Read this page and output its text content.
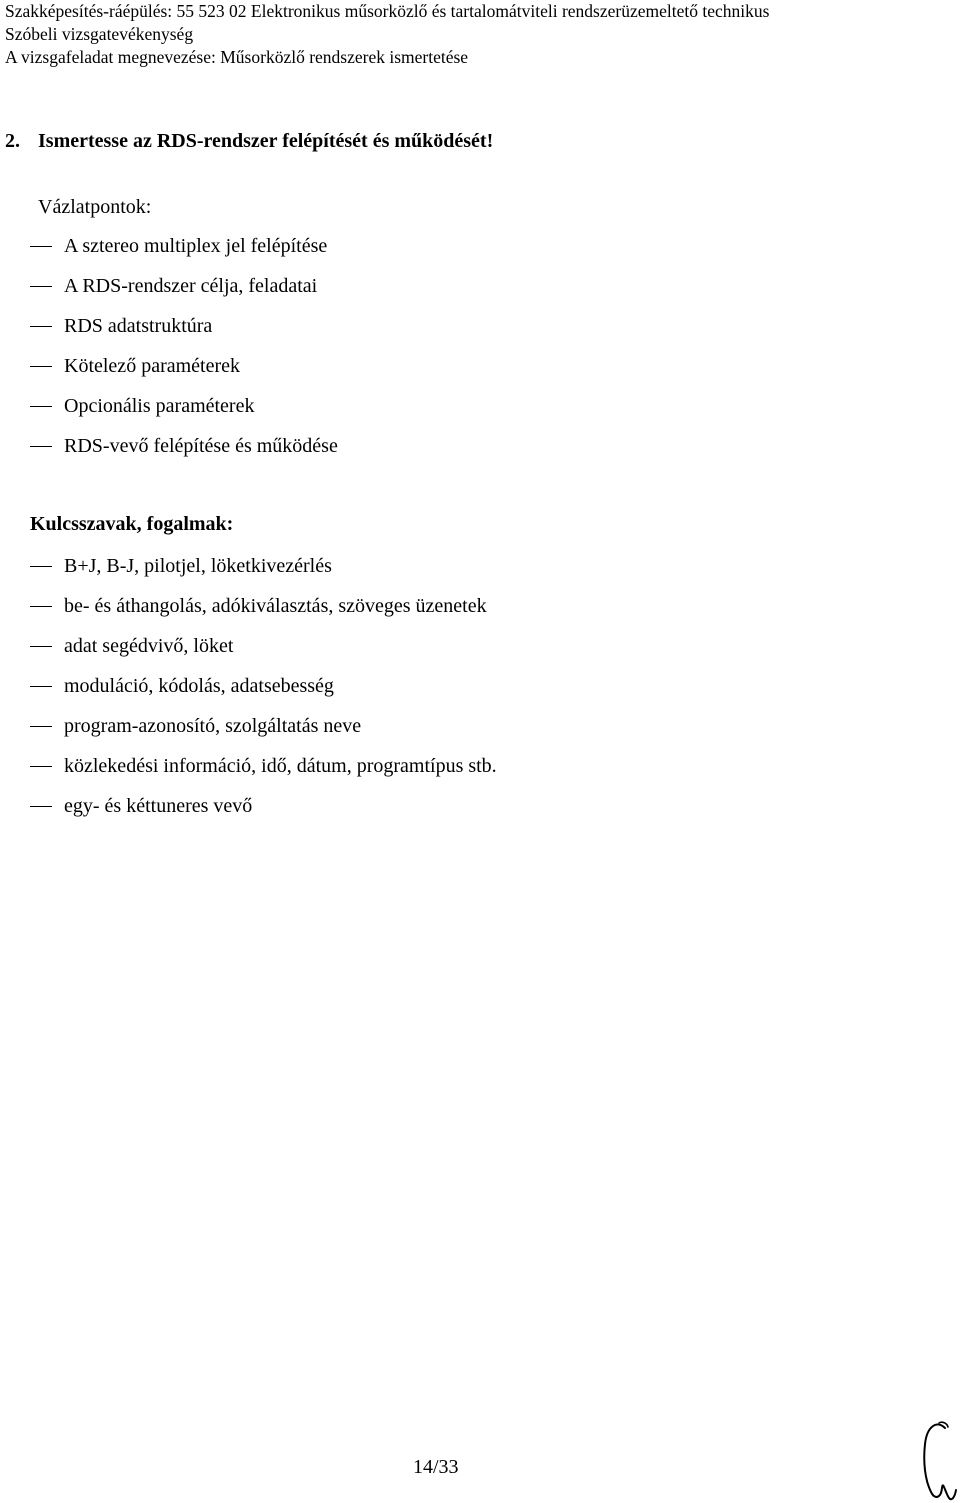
Szakképesítés-ráépülés: 55 523 02 Elektronikus műsorközlő és tartalomátviteli rendszerüzemeltető technikus
Szóbeli vizsgatevékenység
A vizsgafeladat megnevezése: Műsorközlő rendszerek ismertetése
2. Ismertesse az RDS-rendszer felépítését és működését!
Vázlatpontok:
A sztereo multiplex jel felépítése
A RDS-rendszer célja, feladatai
RDS adatstruktúra
Kötelező paraméterek
Opcionális paraméterek
RDS-vevő felépítése és működése
Kulcsszavak, fogalmak:
B+J, B-J, pilotjel, löketkivezérlés
be- és áthangolás, adókiválasztás, szöveges üzenetek
adat segédvivő, löket
moduláció, kódolás, adatsebesség
program-azonosító, szolgáltatás neve
közlekedési információ, idő, dátum, programtípus stb.
egy- és kéttuneres vevő
14/33
